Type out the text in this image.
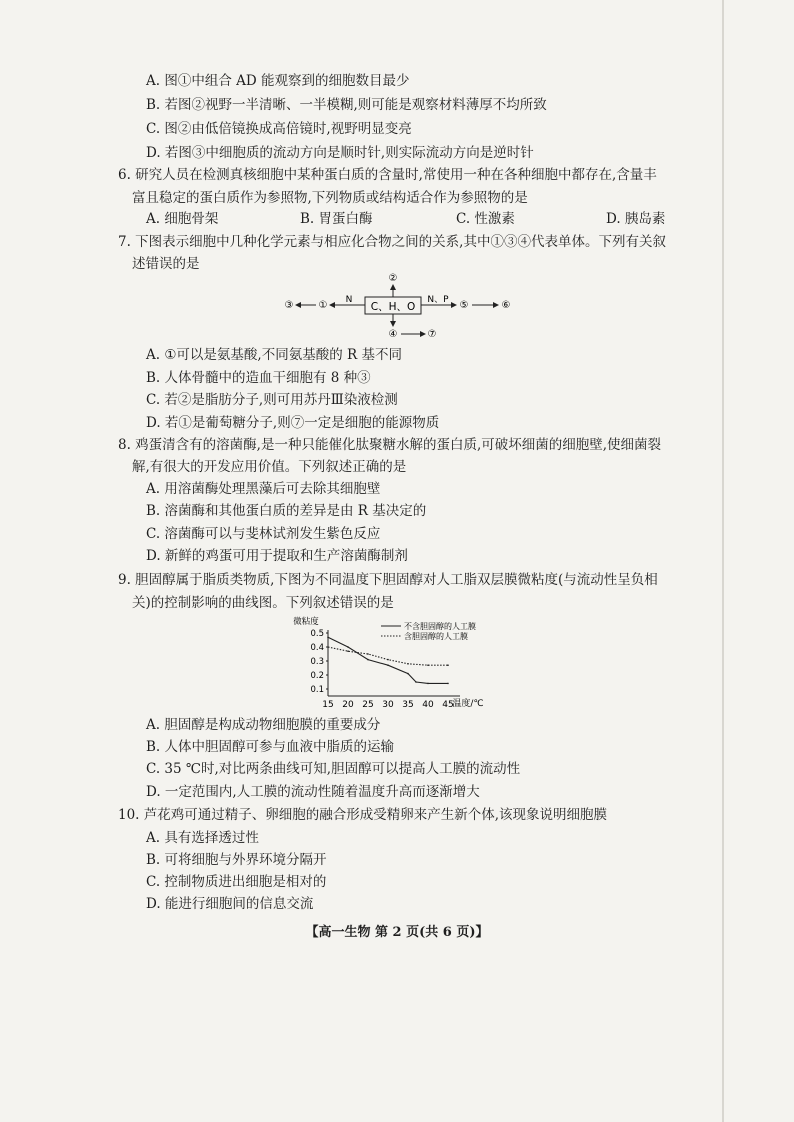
A. 图①中组合 AD 能观察到的细胞数目最少
B. 若图②视野一半清晰、一半模糊,则可能是观察材料薄厚不均所致
C. 图②由低倍镜换成高倍镜时,视野明显变亮
D. 若图③中细胞质的流动方向是顺时针,则实际流动方向是逆时针
6. 研究人员在检测真核细胞中某种蛋白质的含量时,常使用一种在各种细胞中都存在,含量丰
富且稳定的蛋白质作为参照物,下列物质或结构适合作为参照物的是
A. 细胞骨架	B. 胃蛋白酶	C. 性激素	D. 胰岛素
7. 下图表示细胞中几种化学元素与相应化合物之间的关系,其中①③④代表单体。下列有关叙
述错误的是
C、H、O
②
④	⑦
N
①
③	N、P ⑤	⑥
A. ①可以是氨基酸,不同氨基酸的 R 基不同
B. 人体骨髓中的造血干细胞有 8 种③
C. 若②是脂肪分子,则可用苏丹Ⅲ染液检测
D. 若①是葡萄糖分子,则⑦一定是细胞的能源物质
8. 鸡蛋清含有的溶菌酶,是一种只能催化肽聚糖水解的蛋白质,可破坏细菌的细胞壁,使细菌裂
解,有很大的开发应用价值。下列叙述正确的是
A. 用溶菌酶处理黑藻后可去除其细胞壁
B. 溶菌酶和其他蛋白质的差异是由 R 基决定的
C. 溶菌酶可以与斐林试剂发生紫色反应
D. 新鲜的鸡蛋可用于提取和生产溶菌酶制剂
9. 胆固醇属于脂质类物质,下图为不同温度下胆固醇对人工脂双层膜微粘度(与流动性呈负相
关)的控制影响的曲线图。下列叙述错误的是
15 20 25 30 35 40 45
0.1
0.2
0.3
0.4
0.5
微粘度
温度/℃
不含胆固醇的人工膜
含胆固醇的人工膜
A. 胆固醇是构成动物细胞膜的重要成分
B. 人体中胆固醇可参与血液中脂质的运输
C. 35 ℃时,对比两条曲线可知,胆固醇可以提高人工膜的流动性
D. 一定范围内,人工膜的流动性随着温度升高而逐渐增大
10. 芦花鸡可通过精子、卵细胞的融合形成受精卵来产生新个体,该现象说明细胞膜
A. 具有选择透过性
B. 可将细胞与外界环境分隔开
C. 控制物质进出细胞是相对的
D. 能进行细胞间的信息交流
【高一生物 第 2 页(共 6 页)】
